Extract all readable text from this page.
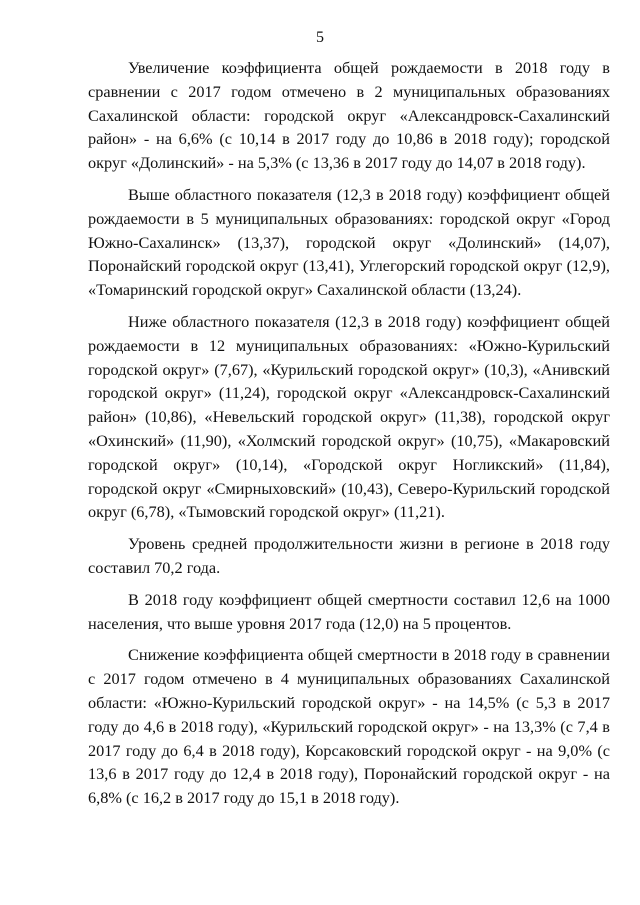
5

Увеличение коэффициента общей рождаемости в 2018 году в сравнении с 2017 годом отмечено в 2 муниципальных образованиях Сахалинской области: городской округ «Александровск-Сахалинский район» - на 6,6% (с 10,14 в 2017 году до 10,86 в 2018 году); городской округ «Долинский» - на 5,3% (с 13,36 в 2017 году до 14,07 в 2018 году).

Выше областного показателя (12,3 в 2018 году) коэффициент общей рождаемости в 5 муниципальных образованиях: городской округ «Город Южно-Сахалинск» (13,37), городской округ «Долинский» (14,07), Поронайский городской округ (13,41), Углегорский городской округ (12,9), «Томаринский городской округ» Сахалинской области (13,24).

Ниже областного показателя (12,3 в 2018 году) коэффициент общей рождаемости в 12 муниципальных образованиях: «Южно-Курильский городской округ» (7,67), «Курильский городской округ» (10,3), «Анивский городской округ» (11,24), городской округ «Александровск-Сахалинский район» (10,86), «Невельский городской округ» (11,38), городской округ «Охинский» (11,90), «Холмский городской округ» (10,75), «Макаровский городской округ» (10,14), «Городской округ Ногликский» (11,84), городской округ «Смирныховский» (10,43), Северо-Курильский городской округ (6,78), «Тымовский городской округ» (11,21).

Уровень средней продолжительности жизни в регионе в 2018 году составил 70,2 года.

В 2018 году коэффициент общей смертности составил 12,6 на 1000 населения, что выше уровня 2017 года (12,0) на 5 процентов.

Снижение коэффициента общей смертности в 2018 году в сравнении с 2017 годом отмечено в 4 муниципальных образованиях Сахалинской области: «Южно-Курильский городской округ» - на 14,5% (с 5,3 в 2017 году до 4,6 в 2018 году), «Курильский городской округ» - на 13,3% (с 7,4 в 2017 году до 6,4 в 2018 году), Корсаковский городской округ - на 9,0% (с 13,6 в 2017 году до 12,4 в 2018 году), Поронайский городской округ - на 6,8% (с 16,2 в 2017 году до 15,1 в 2018 году).
